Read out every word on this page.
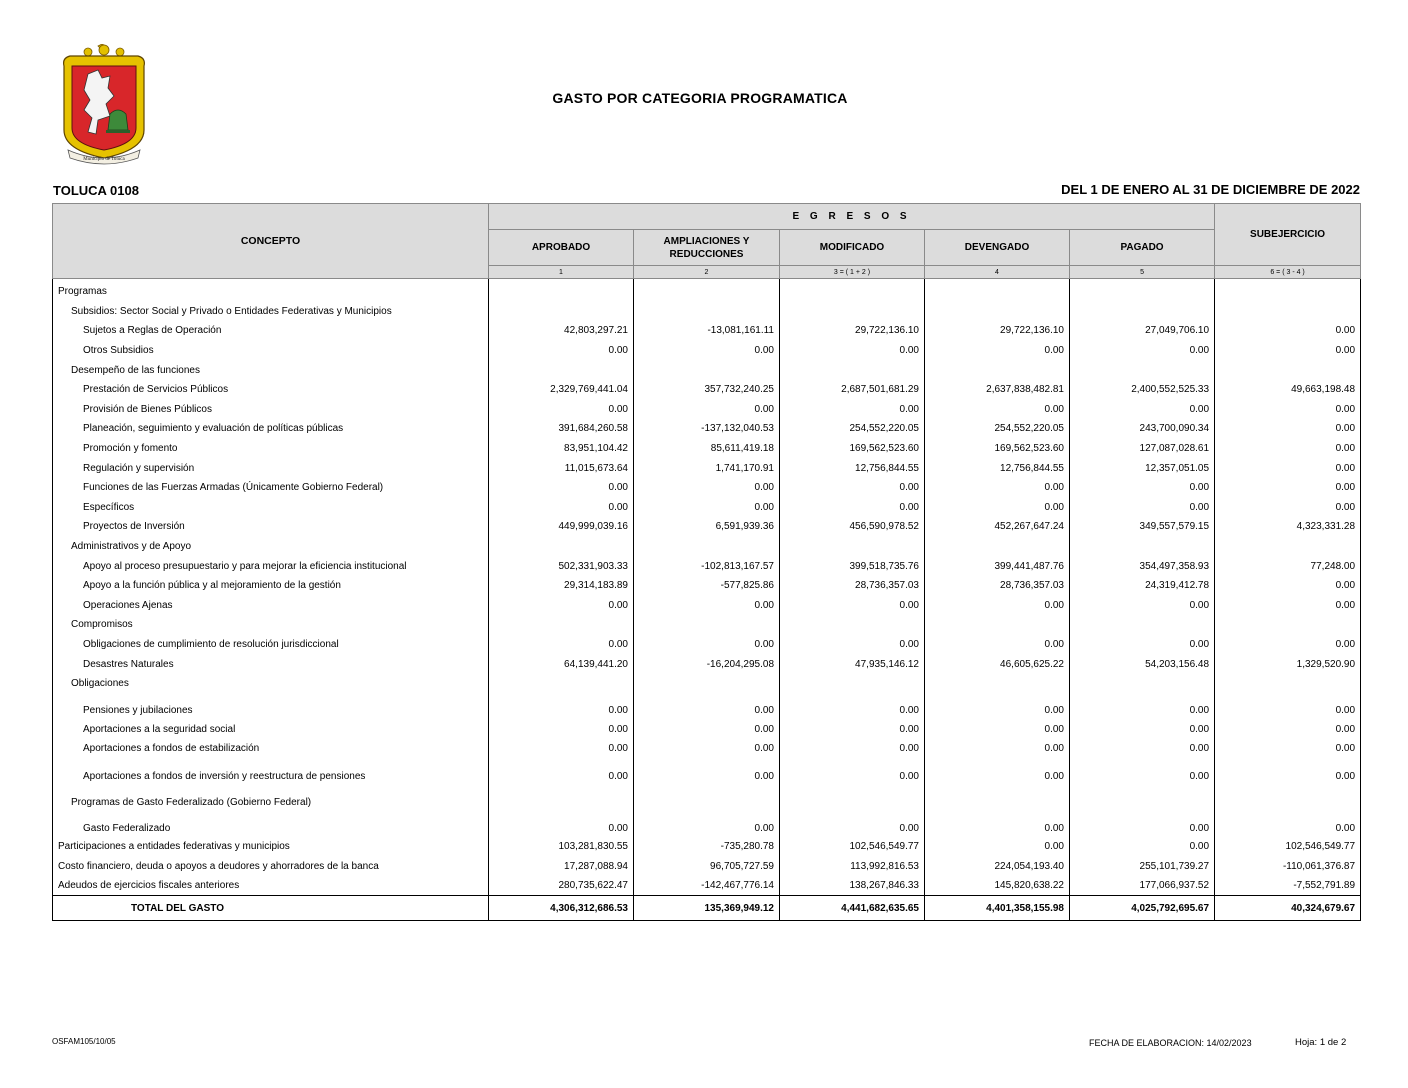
Municipio de Toluca
GASTO POR CATEGORIA PROGRAMATICA
TOLUCA 0108	DEL 1 DE ENERO AL 31 DE DICIEMBRE DE 2022
CONCEPTO	E G R E S O S					SUBEJERCICIO
	APROBADO	AMPLIACIONES Y REDUCCIONES	MODIFICADO	DEVENGADO	PAGADO	
	1	2	3 = ( 1 + 2 )	4	5	6 = ( 3 - 4 )
Programas						
Subsidios: Sector Social y Privado o Entidades Federativas y Municipios						
Sujetos a Reglas de Operación	42,803,297.21	-13,081,161.11	29,722,136.10	29,722,136.10	27,049,706.10	0.00
Otros Subsidios	0.00	0.00	0.00	0.00	0.00	0.00
Desempeño de las funciones						
Prestación de Servicios Públicos	2,329,769,441.04	357,732,240.25	2,687,501,681.29	2,637,838,482.81	2,400,552,525.33	49,663,198.48
Provisión de Bienes Públicos	0.00	0.00	0.00	0.00	0.00	0.00
Planeación, seguimiento y evaluación de políticas públicas	391,684,260.58	-137,132,040.53	254,552,220.05	254,552,220.05	243,700,090.34	0.00
Promoción y fomento	83,951,104.42	85,611,419.18	169,562,523.60	169,562,523.60	127,087,028.61	0.00
Regulación y supervisión	11,015,673.64	1,741,170.91	12,756,844.55	12,756,844.55	12,357,051.05	0.00
Funciones de las Fuerzas Armadas (Únicamente Gobierno Federal)	0.00	0.00	0.00	0.00	0.00	0.00
Específicos	0.00	0.00	0.00	0.00	0.00	0.00
Proyectos de Inversión	449,999,039.16	6,591,939.36	456,590,978.52	452,267,647.24	349,557,579.15	4,323,331.28
Administrativos y de Apoyo						
Apoyo al proceso presupuestario y para mejorar la eficiencia institucional	502,331,903.33	-102,813,167.57	399,518,735.76	399,441,487.76	354,497,358.93	77,248.00
Apoyo a la función pública y al mejoramiento de la gestión	29,314,183.89	-577,825.86	28,736,357.03	28,736,357.03	24,319,412.78	0.00
Operaciones Ajenas	0.00	0.00	0.00	0.00	0.00	0.00
Compromisos						
Obligaciones de cumplimiento de resolución jurisdiccional	0.00	0.00	0.00	0.00	0.00	0.00
Desastres Naturales	64,139,441.20	-16,204,295.08	47,935,146.12	46,605,625.22	54,203,156.48	1,329,520.90
Obligaciones						
Pensiones y jubilaciones	0.00	0.00	0.00	0.00	0.00	0.00
Aportaciones a la seguridad social	0.00	0.00	0.00	0.00	0.00	0.00
Aportaciones a fondos de estabilización	0.00	0.00	0.00	0.00	0.00	0.00
Aportaciones a fondos de inversión y reestructura de pensiones	0.00	0.00	0.00	0.00	0.00	0.00
Programas de Gasto Federalizado (Gobierno Federal)						
Gasto Federalizado	0.00	0.00	0.00	0.00	0.00	0.00
Participaciones a entidades federativas y municipios	103,281,830.55	-735,280.78	102,546,549.77	0.00	0.00	102,546,549.77
Costo financiero, deuda o apoyos a deudores y ahorradores de la banca	17,287,088.94	96,705,727.59	113,992,816.53	224,054,193.40	255,101,739.27	-110,061,376.87
Adeudos de ejercicios fiscales anteriores	280,735,622.47	-142,467,776.14	138,267,846.33	145,820,638.22	177,066,937.52	-7,552,791.89
TOTAL DEL GASTO	4,306,312,686.53	135,369,949.12	4,441,682,635.65	4,401,358,155.98	4,025,792,695.67	40,324,679.67
OSFAM105/10/05	FECHA DE ELABORACION: 14/02/2023	Hoja: 1 de 2
